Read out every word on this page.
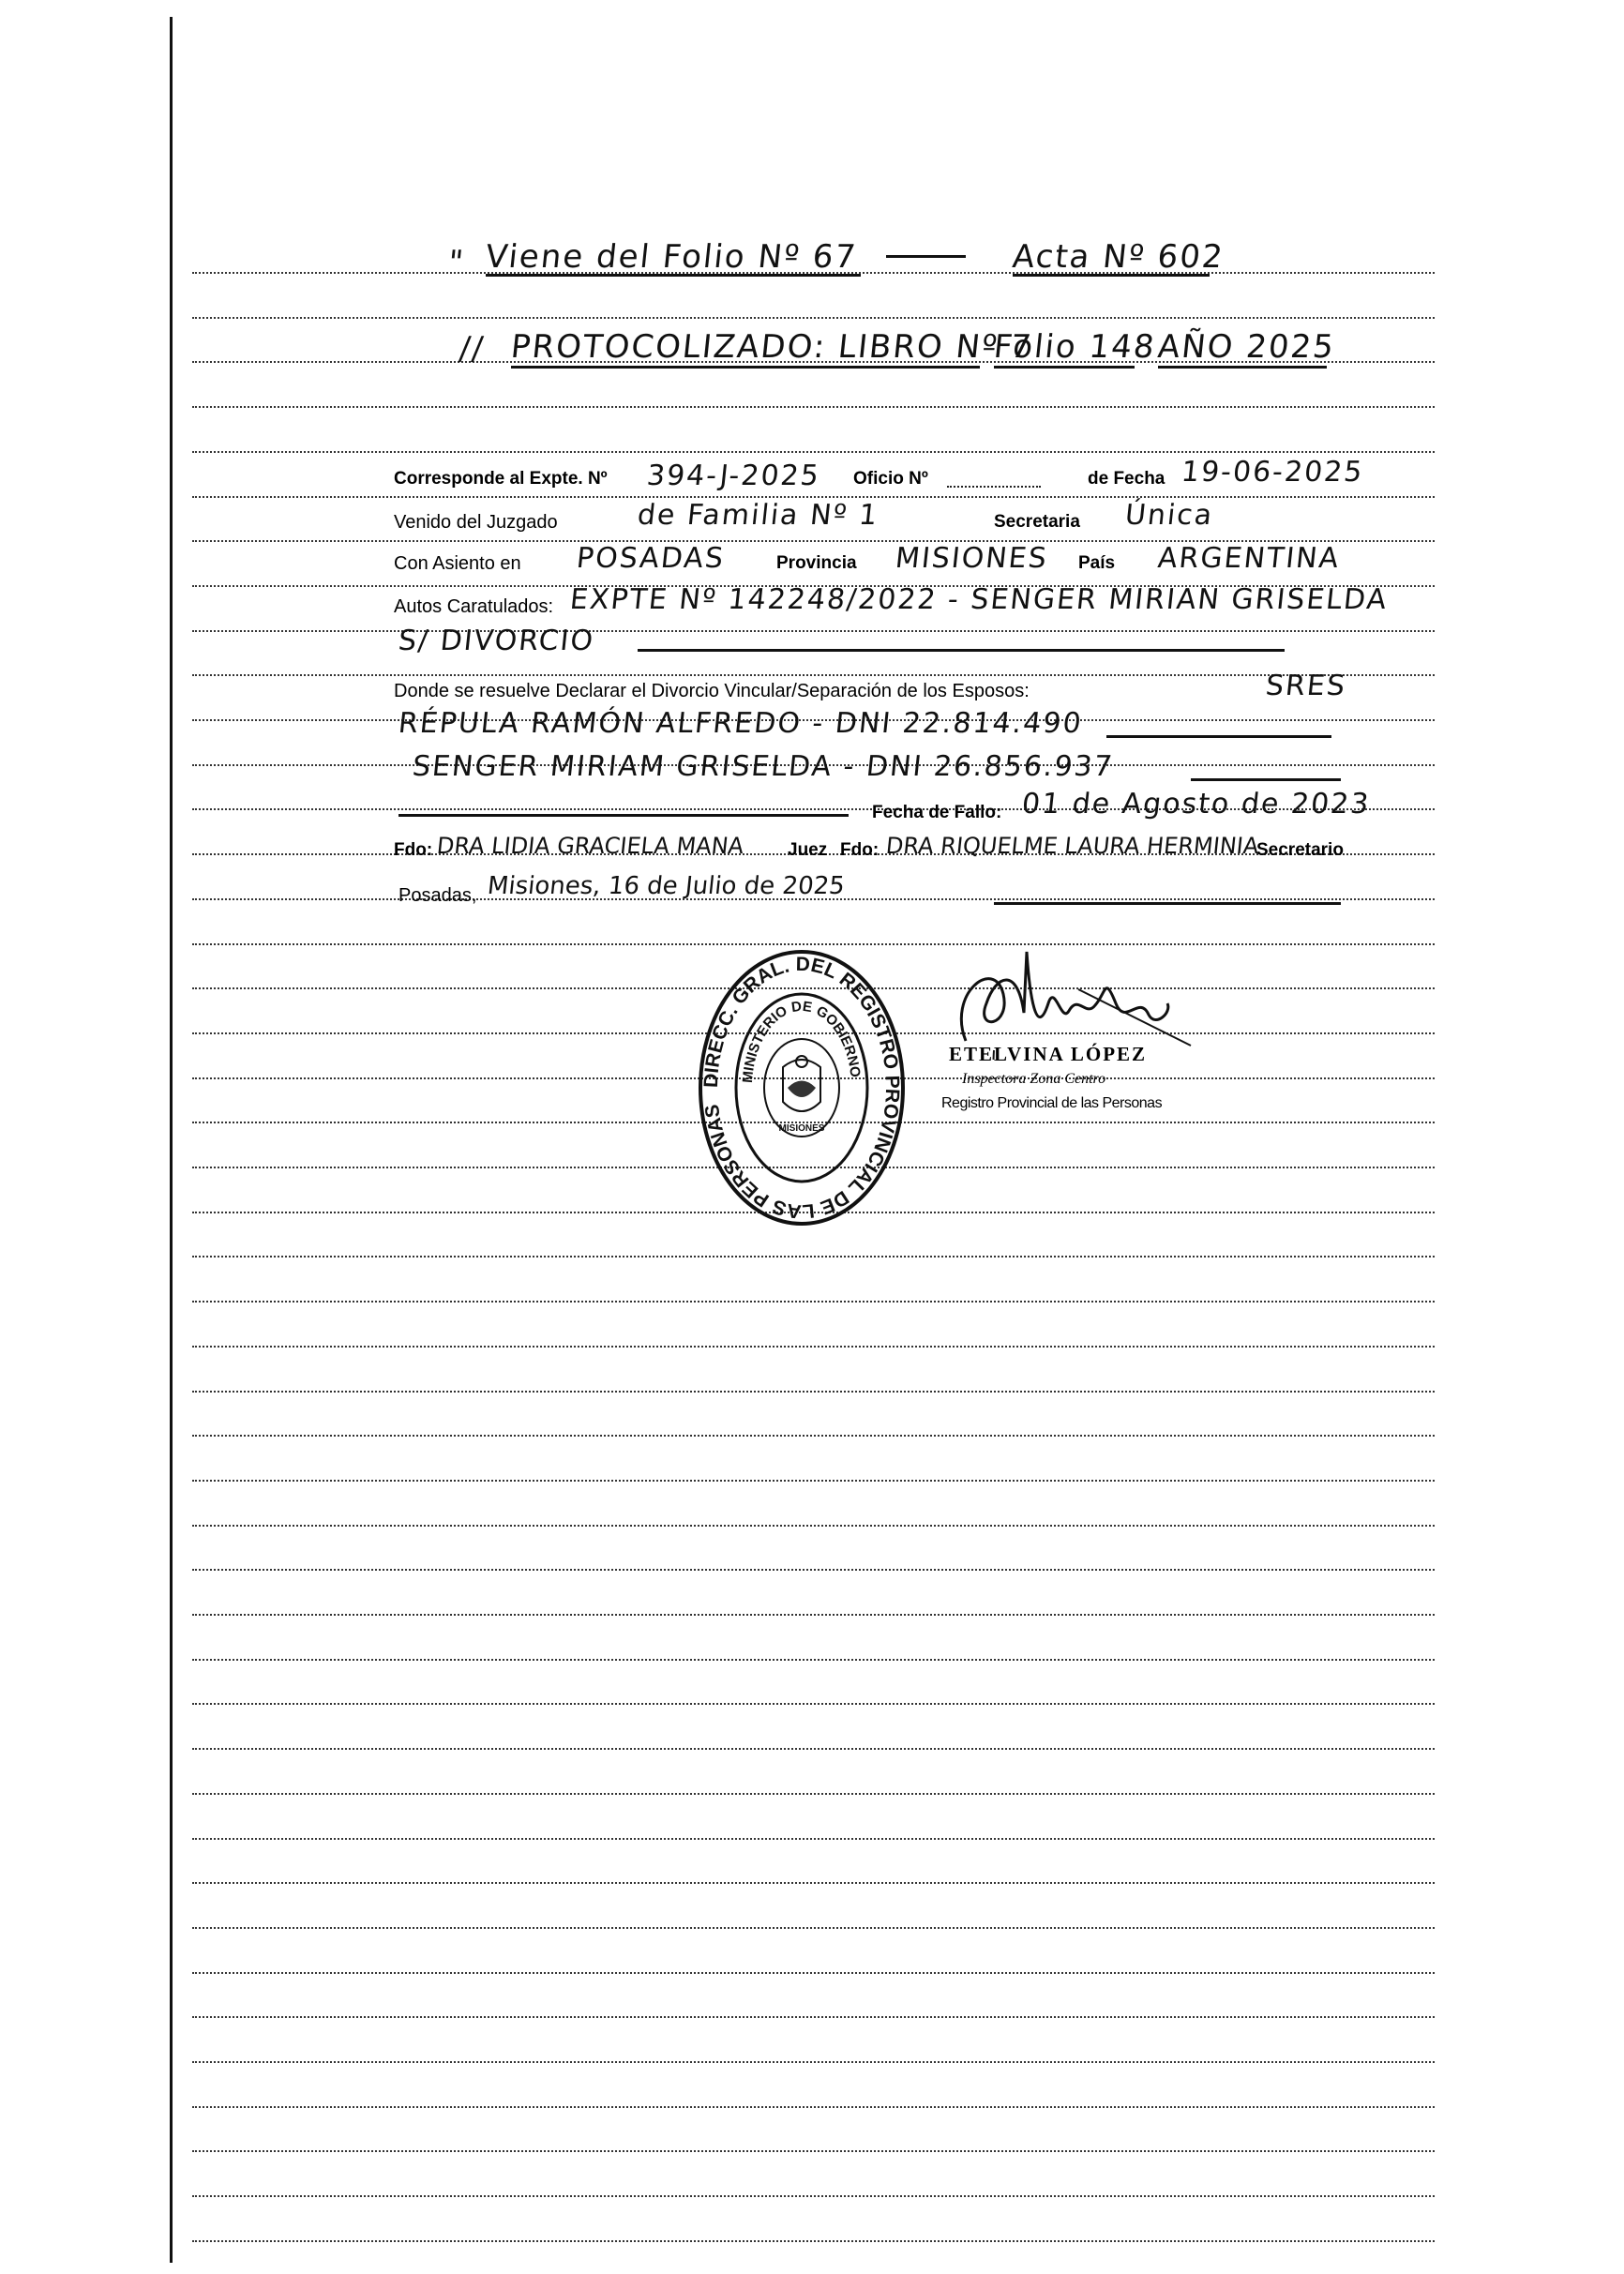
" Viene del Folio Nº 67	Acta Nº 602
// PROTOCOLIZADO: LIBRO Nº 7
Folio 148
AÑO 2025
Corresponde al Expte. Nº 394-J-2025 Oficio Nº	de Fecha 19-06-2025
Venido del Juzgado	de Familia Nº 1	Secretaria Única
Con Asiento en POSADAS	Provincia MISIONES País ARGENTINA
Autos Caratulados: EXPTE Nº 142248/2022 - SENGER MIRIAN GRISELDA
S/ DIVORCIO
Donde se resuelve Declarar el Divorcio Vincular/Separación de los Esposos:	SRES
RÉPULA RAMÓN ALFREDO - DNI 22.814.490
SENGER MIRIAM GRISELDA - DNI 26.856.937
Fecha de Fallo: 01 de Agosto de 2023
Fdo: DRA LIDIA GRACIELA MANA Juez Fdo: DRA RIQUELME LAURA HERMINIA
Secretario
Posadas, Misiones, 16 de Julio de 2025
DIRECC. GRAL. DEL REGISTRO PROVINCIAL DE LAS PERSONAS
MINISTERIO DE GOBIERNO
MISIONES
ETELVINA LÓPEZ
Inspectora Zona Centro
Registro Provincial de las Personas
